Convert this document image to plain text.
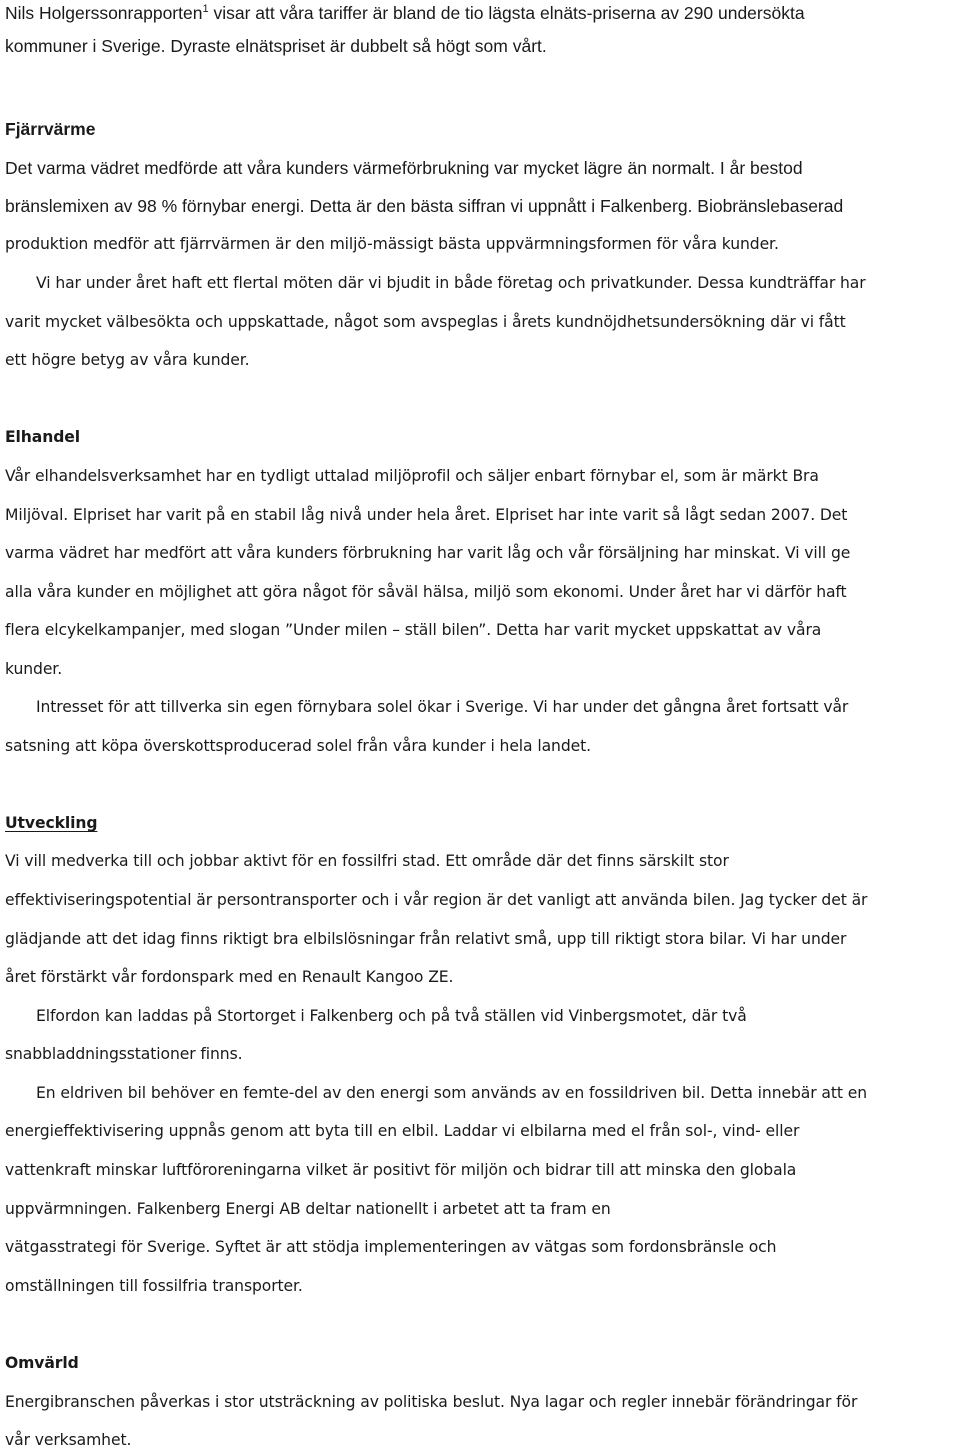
Nils Holgerssonrapporten$^1$ visar att våra tariffer är bland de tio lägsta elnäts-priserna av 290 undersökta
kommuner i Sverige. Dyraste elnätspriset är dubbelt så högt som vårt.
Fjärrvärme
Det varma vädret medförde att våra kunders värmeförbrukning var mycket lägre än normalt. I år bestod
bränslemixen av 98 % förnybar energi. Detta är den bästa siffran vi uppnått i Falkenberg. Biobränslebaserad
produktion medför att fjärrvärmen är den miljö-mässigt bästa uppvärmningsformen för våra kunder.
Vi har under året haft ett flertal möten där vi bjudit in både företag och privatkunder. Dessa kundträffar har
varit mycket välbesökta och uppskattade, något som avspeglas i årets kundnöjdhetsundersökning där vi fått
ett högre betyg av våra kunder.
Elhandel
Vår elhandelsverksamhet har en tydligt uttalad miljöprofil och säljer enbart förnybar el, som är märkt Bra
Miljöval. Elpriset har varit på en stabil låg nivå under hela året. Elpriset har inte varit så lågt sedan 2007. Det
varma vädret har medfört att våra kunders förbrukning har varit låg och vår försäljning har minskat. Vi vill ge
alla våra kunder en möjlighet att göra något för såväl hälsa, miljö som ekonomi. Under året har vi därför haft
flera elcykelkampanjer, med slogan ”Under milen – ställ bilen”. Detta har varit mycket uppskattat av våra
kunder.
Intresset för att tillverka sin egen förnybara solel ökar i Sverige. Vi har under det gångna året fortsatt vår
satsning att köpa överskottsproducerad solel från våra kunder i hela landet.
Utveckling
Vi vill medverka till och jobbar aktivt för en fossilfri stad. Ett område där det finns särskilt stor
effektiviseringspotential är persontransporter och i vår region är det vanligt att använda bilen. Jag tycker det är
glädjande att det idag finns riktigt bra elbilslösningar från relativt små, upp till riktigt stora bilar. Vi har under
året förstärkt vår fordonspark med en Renault Kangoo ZE.
Elfordon kan laddas på Stortorget i Falkenberg och på två ställen vid Vinbergsmotet, där två
snabbladdningsstationer finns.
En eldriven bil behöver en femte-del av den energi som används av en fossildriven bil. Detta innebär att en
energieffektivisering uppnås genom att byta till en elbil. Laddar vi elbilarna med el från sol-, vind- eller
vattenkraft minskar luftföroreningarna vilket är positivt för miljön och bidrar till att minska den globala
uppvärmningen. Falkenberg Energi AB deltar nationellt i arbetet att ta fram en
vätgasstrategi för Sverige. Syftet är att stödja implementeringen av vätgas som fordonsbränsle och
omställningen till fossilfria transporter.
Omvärld
Energibranschen påverkas i stor utsträckning av politiska beslut. Nya lagar och regler innebär förändringar för
vår verksamhet.
